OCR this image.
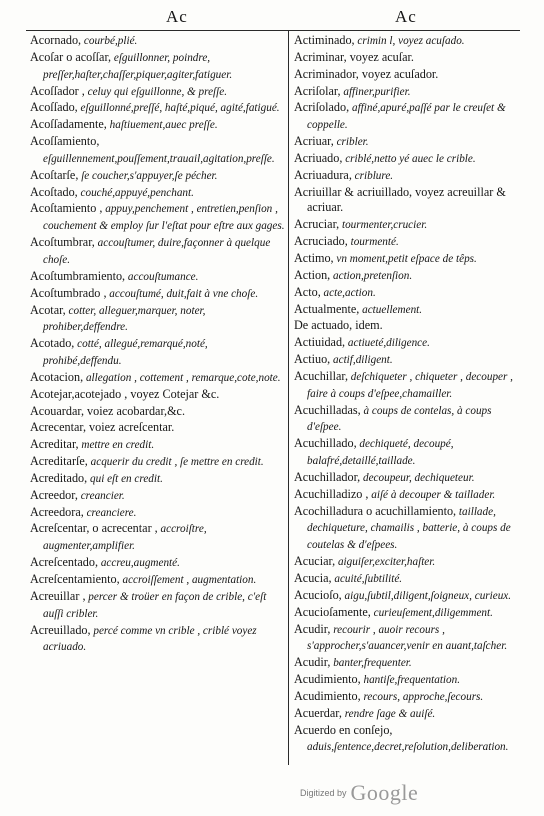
Ac	Ac
Acornado, courbé,plié.
Acoſar o acoſſar, eſguillonner, poindre, preſſer,haſter,chaſſer,piquer,agiter,fatiguer.
Acoſſador , celuy qui eſguillonne, & preſſe.
Acoſſado, eſguillonné,preſſé, haſté,piqué, agité,fatigué.
Acoſſadamente, haſtiuement,auec preſſe.
Acoſſamiento, eſguillennement,pouſſement,trauail,agitation,preſſe.
Acoſtarſe, ſe coucher,s'appuyer,ſe pécher.
Acoſtado, couché,appuyé,penchant.
Acoſtamiento , appuy,penchement , entretien,penſion , couchement & employ ſur l'eſtat pour eſtre aux gages.
Acoſtumbrar, accouſtumer, duire,façonner à quelque choſe.
Acoſtumbramiento, accouſtumance.
Acoſtumbrado , accouſtumé, duit,fait à vne choſe.
Acotar, cotter, alleguer,marquer, noter, prohiber,deffendre.
Acotado, cotté, allegué,remarqué,noté, prohibé,deffendu.
Acotacion, allegation , cottement , remarque,cote,note.
Acotejar,acotejado , voyez Cotejar &c.
Acouardar, voiez acobardar,&c.
Acrecentar, voiez acreſcentar.
Acreditar, mettre en credit.
Acreditarſe, acquerir du credit , ſe mettre en credit.
Acreditado, qui eſt en credit.
Acreedor, creancier.
Acreedora, creanciere.
Acreſcentar, o acrecentar , accroiſtre, augmenter,amplifier.
Acreſcentado, accreu,augmenté.
Acreſcentamiento, accroiſſement , augmentation.
Acreuillar , percer & troüer en façon de crible, c'eſt auſſi cribler.
Acreuillado, percé comme vn crible , criblé voyez acriuado.
Actiminado, crimin l, voyez acuſado.
Acriminar, voyez acuſar.
Acriminador, voyez acuſador.
Acriſolar, affiner,purifier.
Acriſolado, affiné,apuré,paſſé par le creuſet & coppelle.
Acriuar, cribler.
Acriuado, criblé,netto yé auec le crible.
Acriuadura, criblure.
Acriuillar & acriuillado, voyez acreuillar & acriuar.
Acruciar, tourmenter,crucier.
Acruciado, tourmenté.
Actimo, vn moment,petit eſpace de têps.
Action, action,pretenſion.
Acto, acte,action.
Actualmente, actuellement.
De actuado, idem.
Actiuidad, actiueté,diligence.
Actiuo, actif,diligent.
Acuchillar, deſchiqueter , chiqueter , decouper , faire à coups d'eſpee,chamailler.
Acuchilladas, à coups de contelas, à coups d'eſpee.
Acuchillado, dechiqueté, decoupé, balafré,detaillé,taillade.
Acuchillador, decoupeur, dechiqueteur.
Acuchilladizo , aiſé à decouper & taillader.
Acochilladura o acuchillamiento, taillade, dechiqueture, chamailis , batterie, à coups de coutelas & d'eſpees.
Acuciar, aiguiſer,exciter,haſter.
Acucia, acuité,ſubtilité.
Acucioſo, aigu,ſubtil,diligent,ſoigneux, curieux.
Acucioſamente, curieuſement,diligemment.
Acudir, recourir , auoir recours , s'approcher,s'auancer,venir en auant,taſcher.
Acudir, banter,frequenter.
Acudimiento, hantiſe,frequentation.
Acudimiento, recours, approche,ſecours.
Acuerdar, rendre ſage & auiſé.
Acuerdo en conſejo, aduis,ſentence,decret,reſolution,deliberation.
Digitized by Google
